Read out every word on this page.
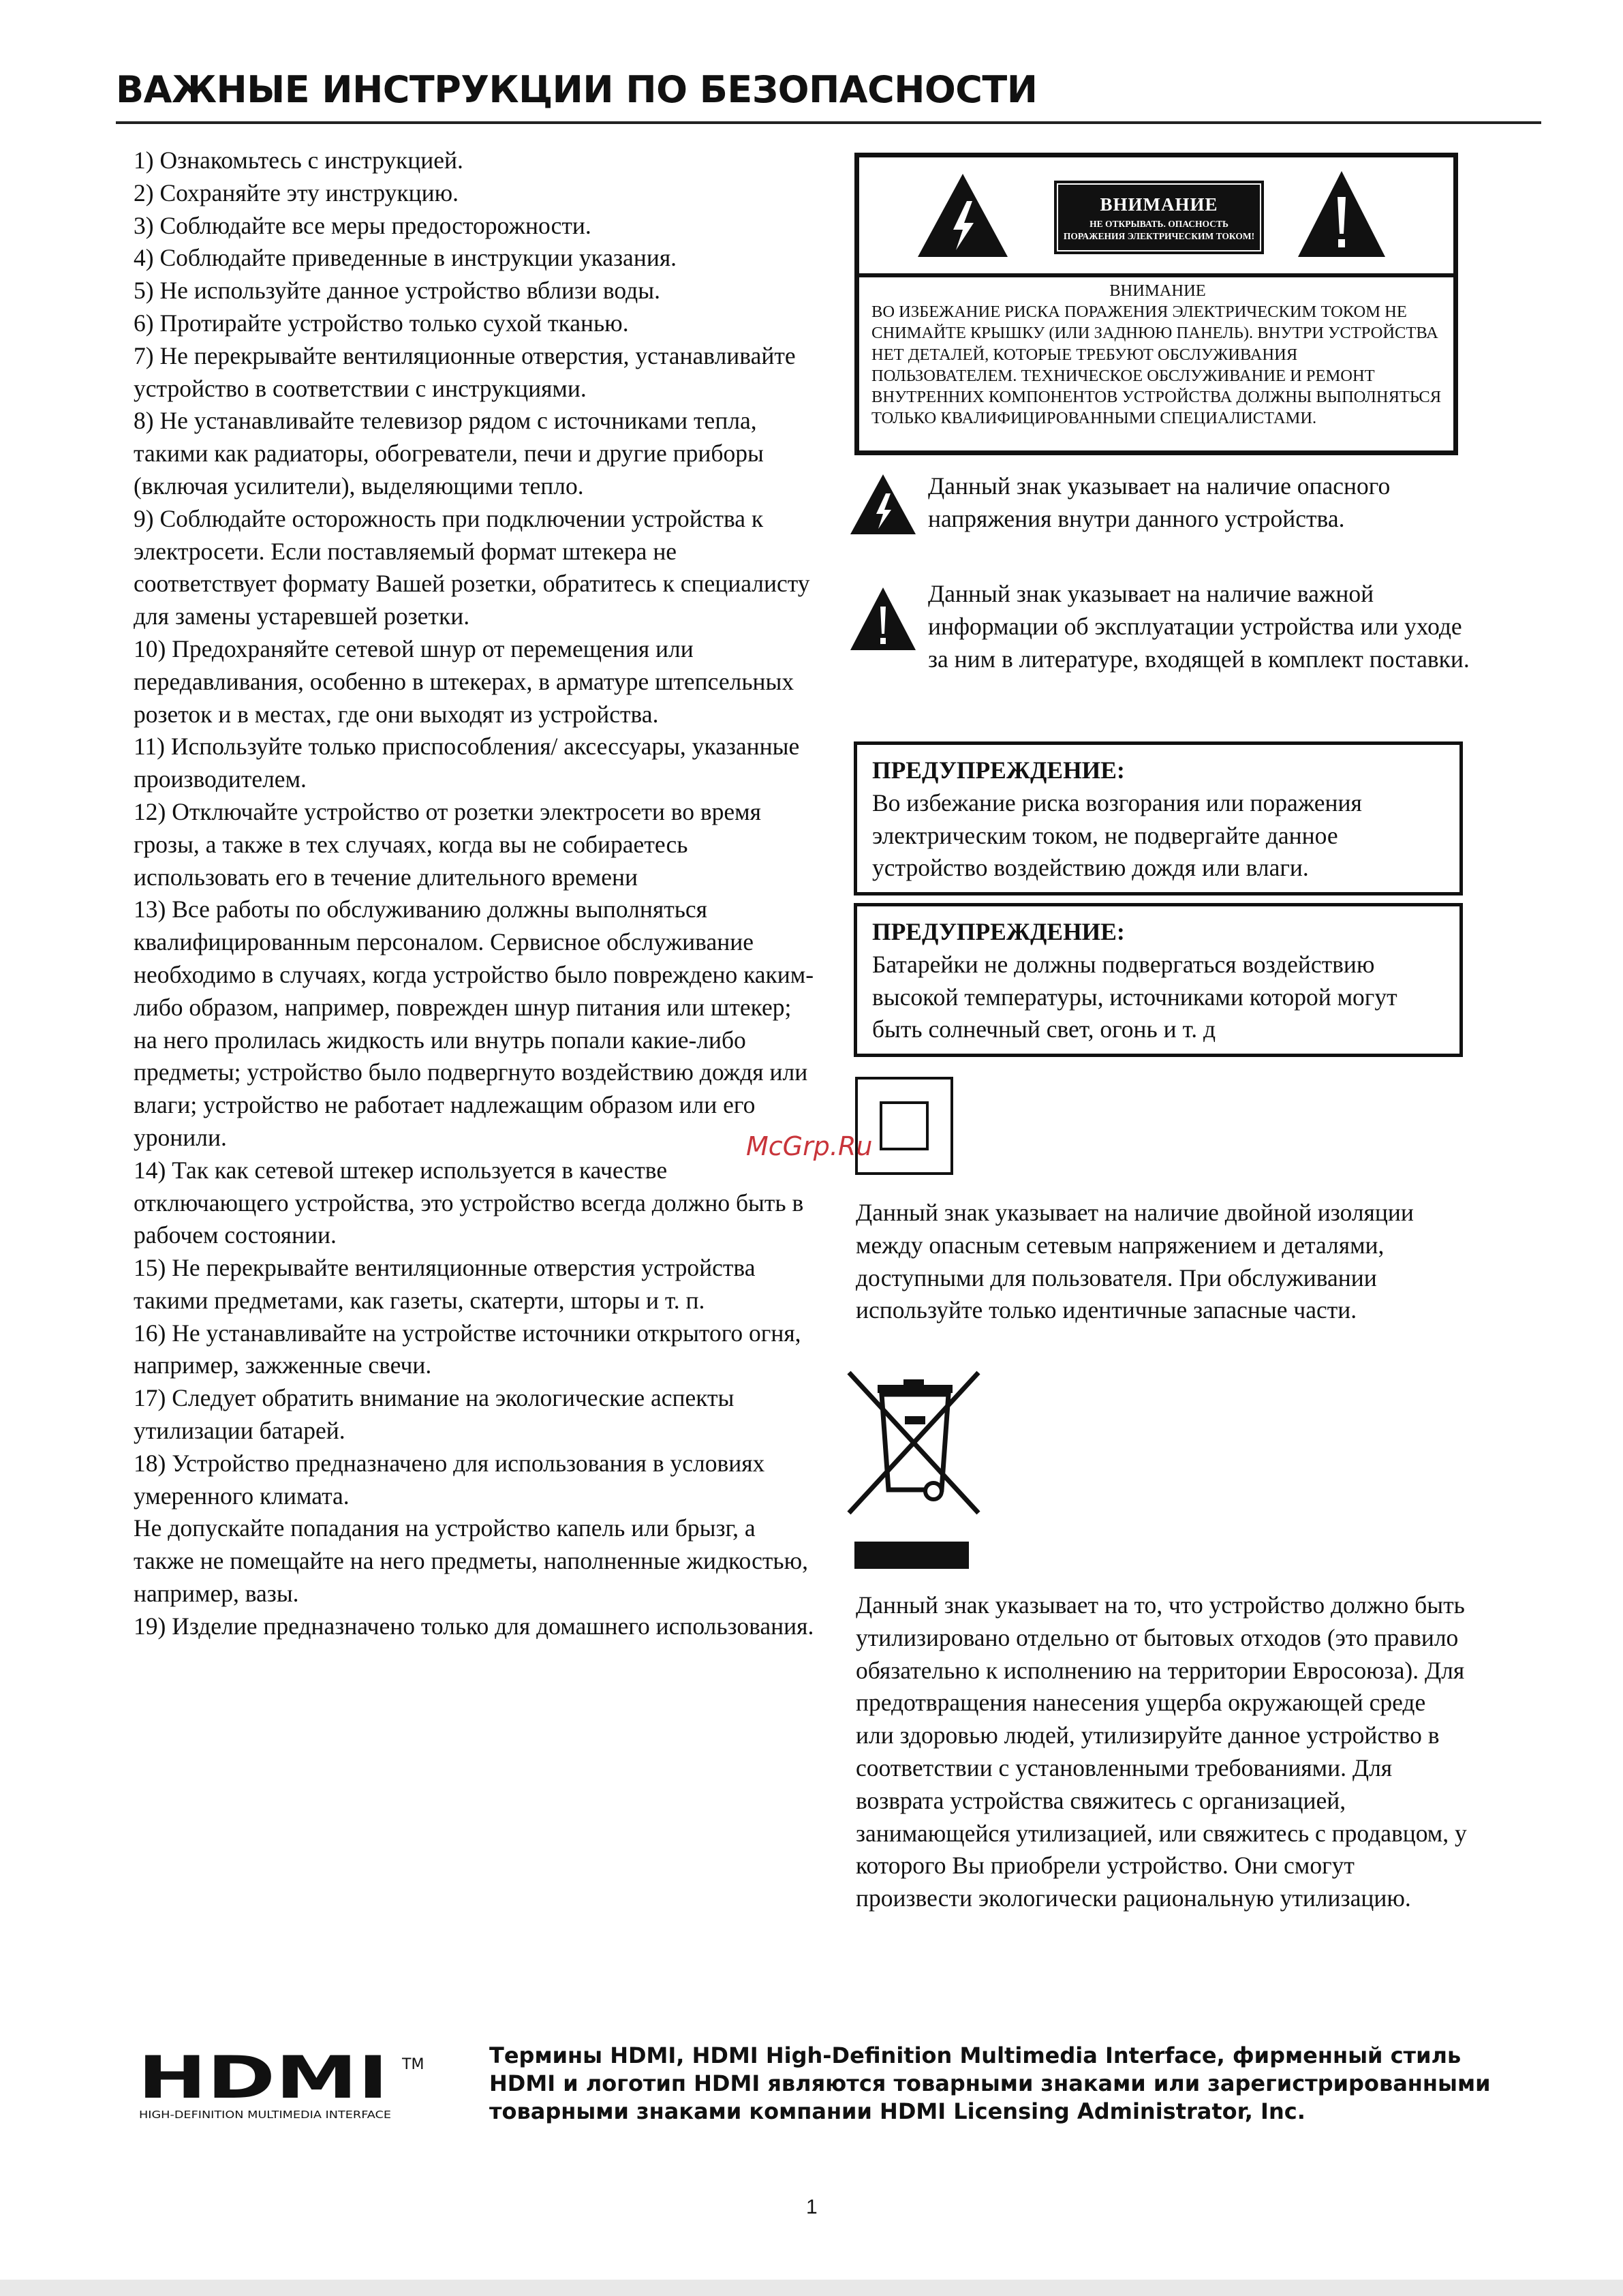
ВАЖНЫЕ ИНСТРУКЦИИ ПО БЕЗОПАСНОСТИ

1) Ознакомьтесь с инструкцией.

2) Сохраняйте эту инструкцию.

3) Соблюдайте все меры предосторожности.

4) Соблюдайте приведенные в инструкции указания.

5) Не используйте данное устройство вблизи воды.

6) Протирайте устройство только сухой тканью.

7) Не перекрывайте вентиляционные отверстия, устанавливайте устройство в соответствии с инструкциями.

8) Не устанавливайте телевизор рядом с источниками тепла, такими как радиаторы, обогреватели, печи и другие приборы (включая усилители), выделяющими тепло.

9) Соблюдайте осторожность при подключении устройства к электросети. Если поставляемый формат штекера не соответствует формату Вашей розетки, обратитесь к специалисту для замены устаревшей розетки.

10) Предохраняйте сетевой шнур от перемещения или передавливания, особенно в штекерах, в арматуре штепсельных розеток и в местах, где они выходят из устройства.

11) Используйте только приспособления/ аксессуары, указанные производителем.

12) Отключайте устройство от розетки электросети во время грозы, а также в тех случаях, когда вы не собираетесь использовать его в течение длительного времени

13) Все работы по обслуживанию должны выполняться квалифицированным персоналом. Сервисное обслуживание необходимо в случаях, когда устройство было повреждено каким-либо образом, например, поврежден шнур питания или штекер; на него пролилась жидкость или внутрь попали какие-либо предметы; устройство было подвергнуто воздействию дождя или влаги; устройство не работает надлежащим образом или его уронили.

14) Так как сетевой штекер используется в качестве отключающего устройства, это устройство всегда должно быть в рабочем состоянии.

15) Не перекрывайте вентиляционные отверстия устройства такими предметами, как газеты, скатерти, шторы и т. п.

16) Не устанавливайте на устройстве источники открытого огня, например, зажженные свечи.

17) Следует обратить внимание на экологические аспекты утилизации батарей.

18) Устройство предназначено для использования в условиях умеренного климата.

Не допускайте попадания на устройство капель или брызг, а также не помещайте на него предметы, наполненные жидкостью, например, вазы.

19) Изделие предназначено только для домашнего использования.

ВНИМАНИЕ
НЕ ОТКРЫВАТЬ. ОПАСНОСТЬ ПОРАЖЕНИЯ ЭЛЕКТРИЧЕСКИМ ТОКОМ!
ВНИМАНИЕ
ВО ИЗБЕЖАНИЕ РИСКА ПОРАЖЕНИЯ ЭЛЕКТРИЧЕСКИМ ТОКОМ НЕ СНИМАЙТЕ КРЫШКУ (ИЛИ ЗАДНЮЮ ПАНЕЛЬ). ВНУТРИ УСТРОЙСТВА НЕТ ДЕТАЛЕЙ, КОТОРЫЕ ТРЕБУЮТ ОБСЛУЖИВАНИЯ ПОЛЬЗОВАТЕЛЕМ. ТЕХНИЧЕСКОЕ ОБСЛУЖИВАНИЕ И РЕМОНТ ВНУТРЕННИХ КОМПОНЕНТОВ УСТРОЙСТВА ДОЛЖНЫ ВЫПОЛНЯТЬСЯ ТОЛЬКО КВАЛИФИЦИРОВАННЫМИ СПЕЦИАЛИСТАМИ.
Данный знак указывает на наличие опасного напряжения внутри данного устройства.
Данный знак указывает на наличие важной информации об эксплуатации устройства или уходе за ним в литературе, входящей в комплект поставки.
ПРЕДУПРЕЖДЕНИЕ:
Во избежание риска возгорания или поражения электрическим током, не подвергайте данное устройство воздействию дождя или влаги.
ПРЕДУПРЕЖДЕНИЕ:
Батарейки не должны подвергаться воздействию высокой температуры, источниками которой могут быть солнечный свет, огонь и т. д
McGrp.Ru
Данный знак указывает на наличие двойной изоляции между опасным сетевым напряжением и деталями, доступными для пользователя. При обслуживании используйте только идентичные запасные части.
Данный знак указывает на то, что устройство должно быть утилизировано отдельно от бытовых отходов (это правило обязательно к исполнению на территории Евросоюза). Для предотвращения нанесения ущерба окружающей среде или здоровью людей, утилизируйте данное устройство в соответствии с установленными требованиями. Для возврата устройства свяжитесь с организацией, занимающейся утилизацией, или свяжитесь с продавцом, у которого Вы приобрели устройство. Они смогут произвести экологически рациональную утилизацию.
HDMI TM
HIGH-DEFINITION MULTIMEDIA INTERFACE
Термины HDMI, HDMI High-Definition Multimedia Interface, фирменный стиль HDMI и логотип HDMI являются товарными знаками или зарегистрированными товарными знаками компании HDMI Licensing Administrator, Inc.
1
